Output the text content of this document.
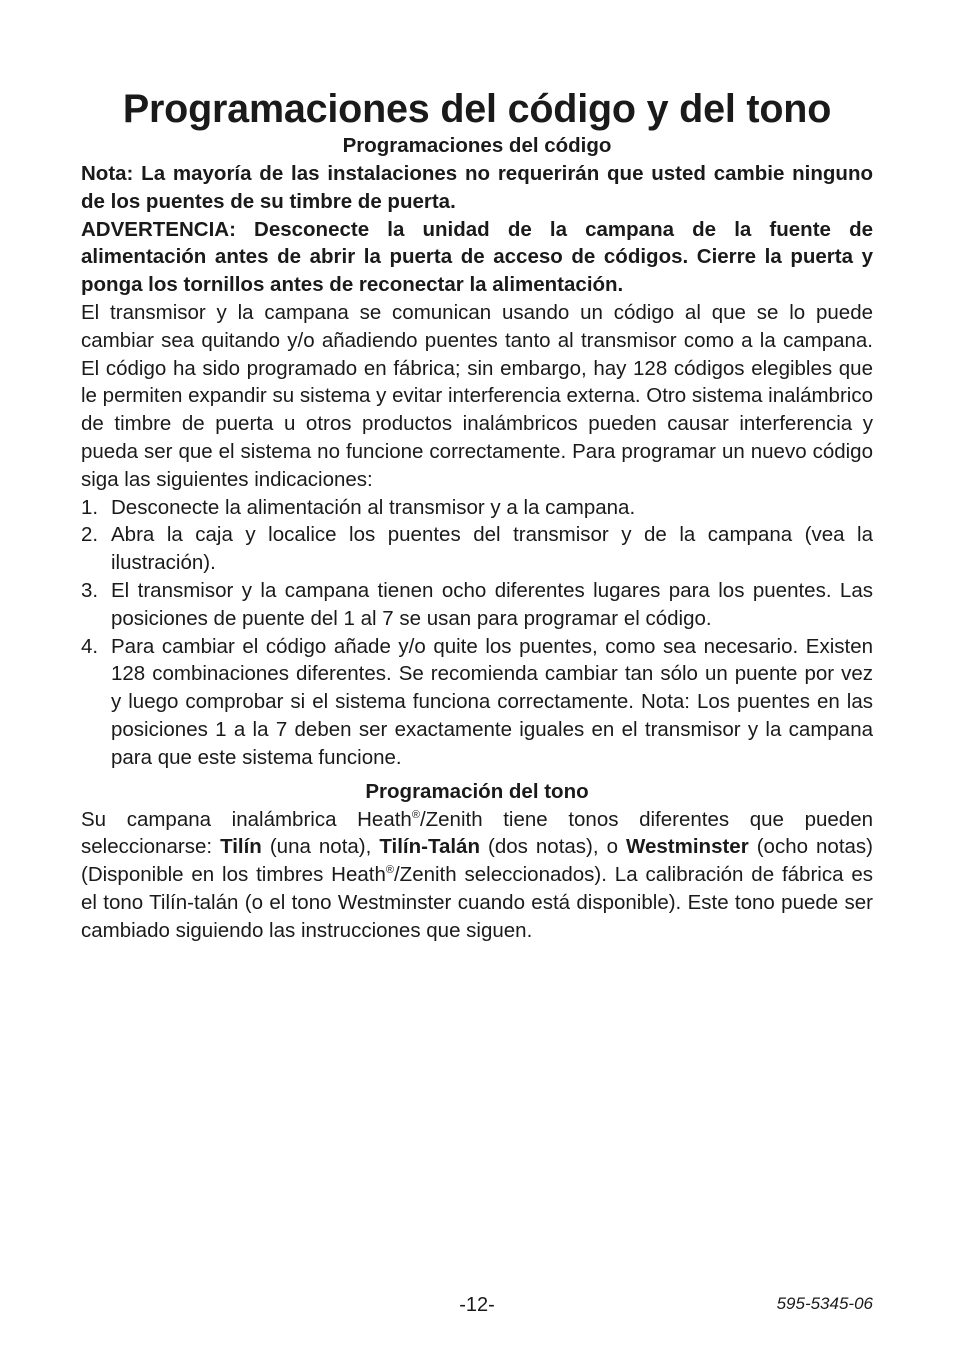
Programaciones del código y del tono
Programaciones del código

Nota: La mayoría de las instalaciones no requerirán que usted cambie ninguno de los puentes de su timbre de puerta.

ADVERTENCIA: Desconecte la unidad de la campana de la fuente de alimentación antes de abrir la puerta de acceso de códigos. Cierre la puerta y ponga los tornillos antes de reconectar la alimentación.

El transmisor y la campana se comunican usando un código al que se lo puede cambiar sea quitando y/o añadiendo puentes tanto al transmisor como a la campana. El código ha sido programado en fábrica; sin embargo, hay 128 códigos elegibles que le permiten expandir su sistema y evitar interferencia externa. Otro sistema inalámbrico de timbre de puerta u otros productos inalámbricos pueden causar interferencia y pueda ser que el sistema no funcione correctamente. Para programar un nuevo código siga las siguientes indicaciones:

1. Desconecte la alimentación al transmisor y a la campana.
2. Abra la caja y localice los puentes del transmisor y de la campana (vea la ilustración).
3. El transmisor y la campana tienen ocho diferentes lugares para los puentes. Las posiciones de puente del 1 al 7 se usan para programar el código.
4. Para cambiar el código añade y/o quite los puentes, como sea necesario. Existen 128 combinaciones diferentes. Se recomienda cambiar tan sólo un puente por vez y luego comprobar si el sistema funciona correctamente. Nota: Los puentes en las posiciones 1 a la 7 deben ser exactamente iguales en el transmisor y la campana para que este sistema funcione.
Programación del tono

Su campana inalámbrica Heath®/Zenith tiene tonos diferentes que pueden seleccionarse: Tilín (una nota), Tilín-Talán (dos notas), o Westminster (ocho notas) (Disponible en los timbres Heath®/Zenith seleccionados). La calibración de fábrica es el tono Tilín-talán (o el tono Westminster cuando está disponible). Este tono puede ser cambiado siguiendo las instrucciones que siguen.

-12-	595-5345-06
